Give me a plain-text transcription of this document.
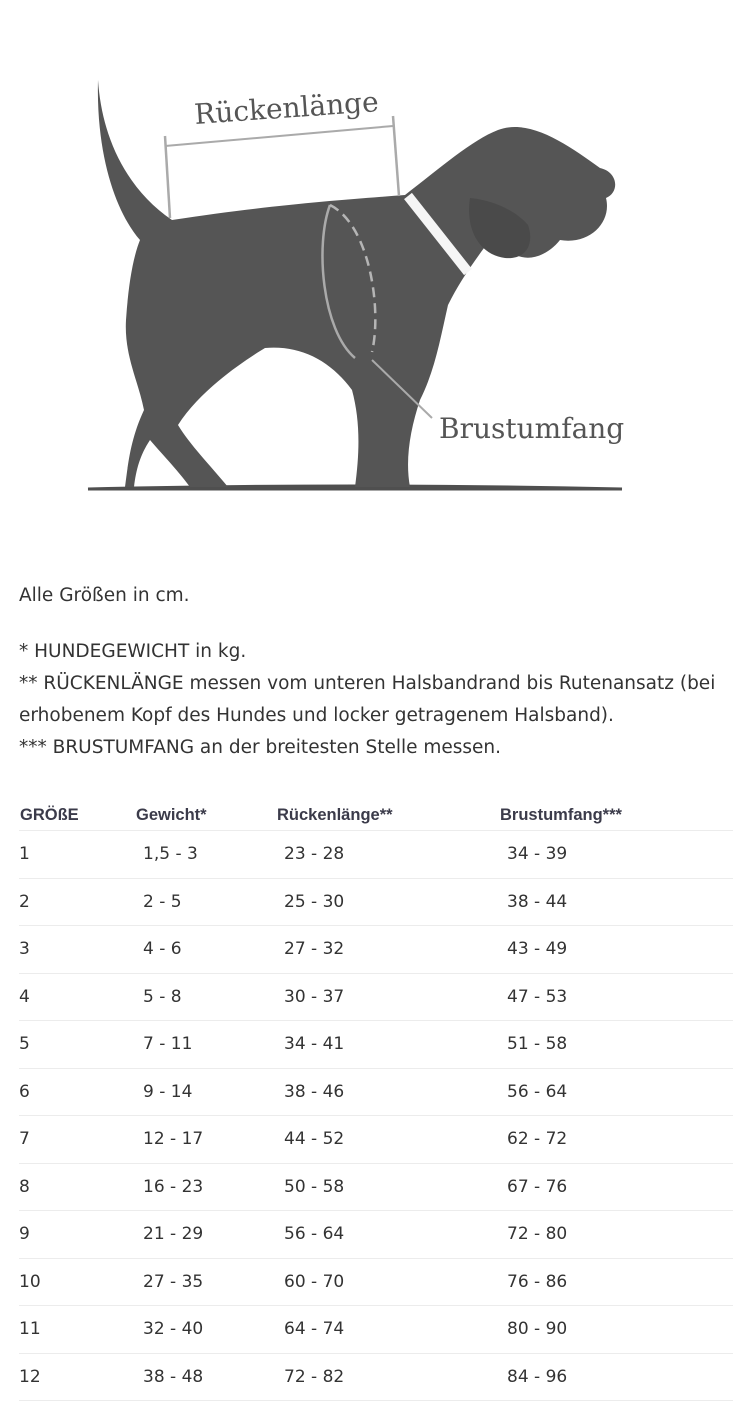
Rückenlänge
Brustumfang

Alle Größen in cm.

* HUNDEGEWICHT in kg.

** RÜCKENLÄNGE messen vom unteren Halsbandrand bis Rutenansatz (bei erhobenem Kopf des Hundes und locker getragenem Halsband).

*** BRUSTUMFANG an der breitesten Stelle messen.

GRÖßE	Gewicht*	Rückenlänge**	Brustumfang***
1	1,5 - 3	23 - 28	34 - 39
2	2 - 5	25 - 30	38 - 44
3	4 - 6	27 - 32	43 - 49
4	5 - 8	30 - 37	47 - 53
5	7 - 11	34 - 41	51 - 58
6	9 - 14	38 - 46	56 - 64
7	12 - 17	44 - 52	62 - 72
8	16 - 23	50 - 58	67 - 76
9	21 - 29	56 - 64	72 - 80
10	27 - 35	60 - 70	76 - 86
11	32 - 40	64 - 74	80 - 90
12	38 - 48	72 - 82	84 - 96
